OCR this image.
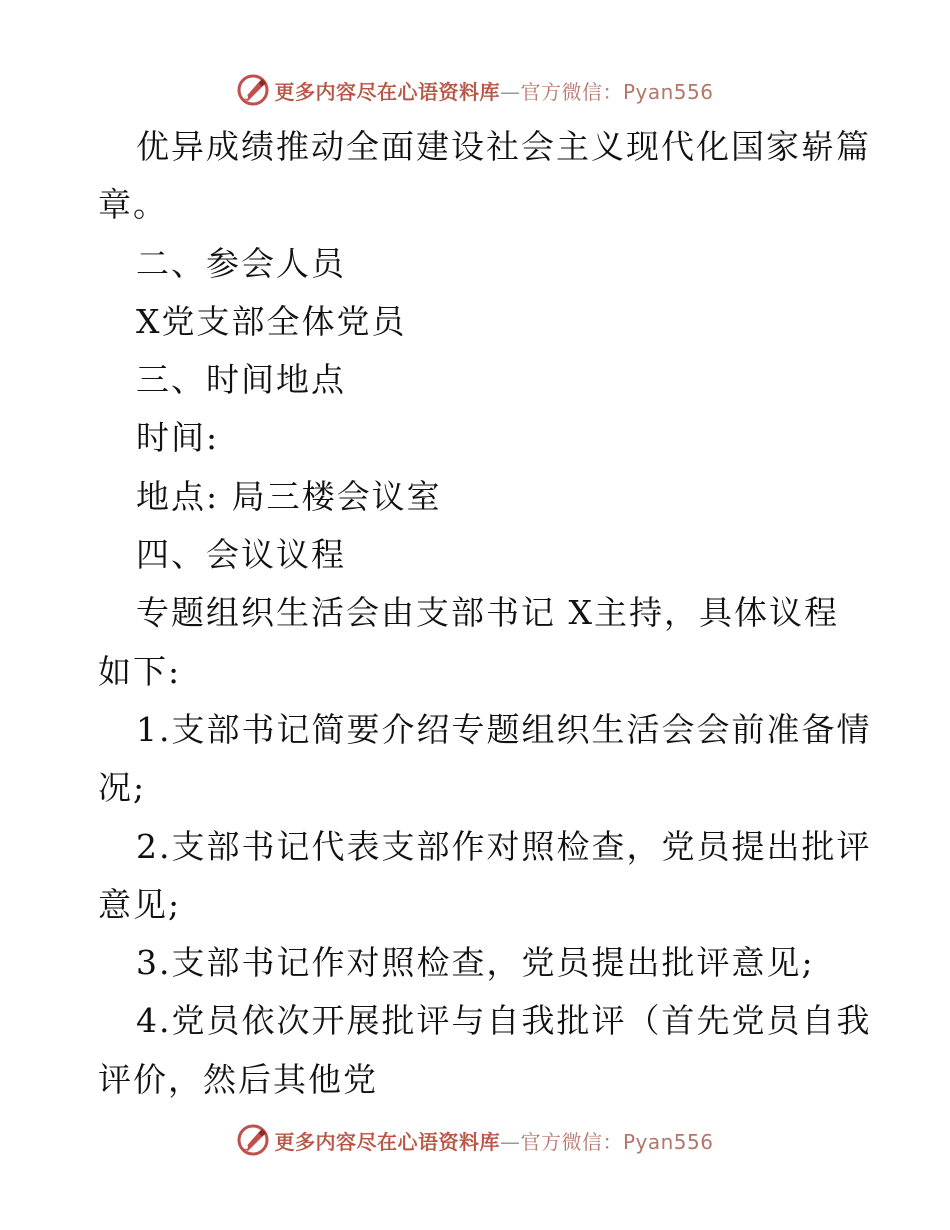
更多内容尽在心语资料库—官方微信：Pyan556
优异成绩推动全面建设社会主义现代化国家崭篇
章。
二、参会人员
X党支部全体党员
三、时间地点
时间:
地点: 局三楼会议室
四、会议议程
专题组织生活会由支部书记 X主持，具体议程
如下:
1.支部书记简要介绍专题组织生活会会前准备情
况;
2.支部书记代表支部作对照检查，党员提出批评
意见;
3.支部书记作对照检查，党员提出批评意见;
4.党员依次开展批评与自我批评（首先党员自我
评价，然后其他党
更多内容尽在心语资料库—官方微信：Pyan556
